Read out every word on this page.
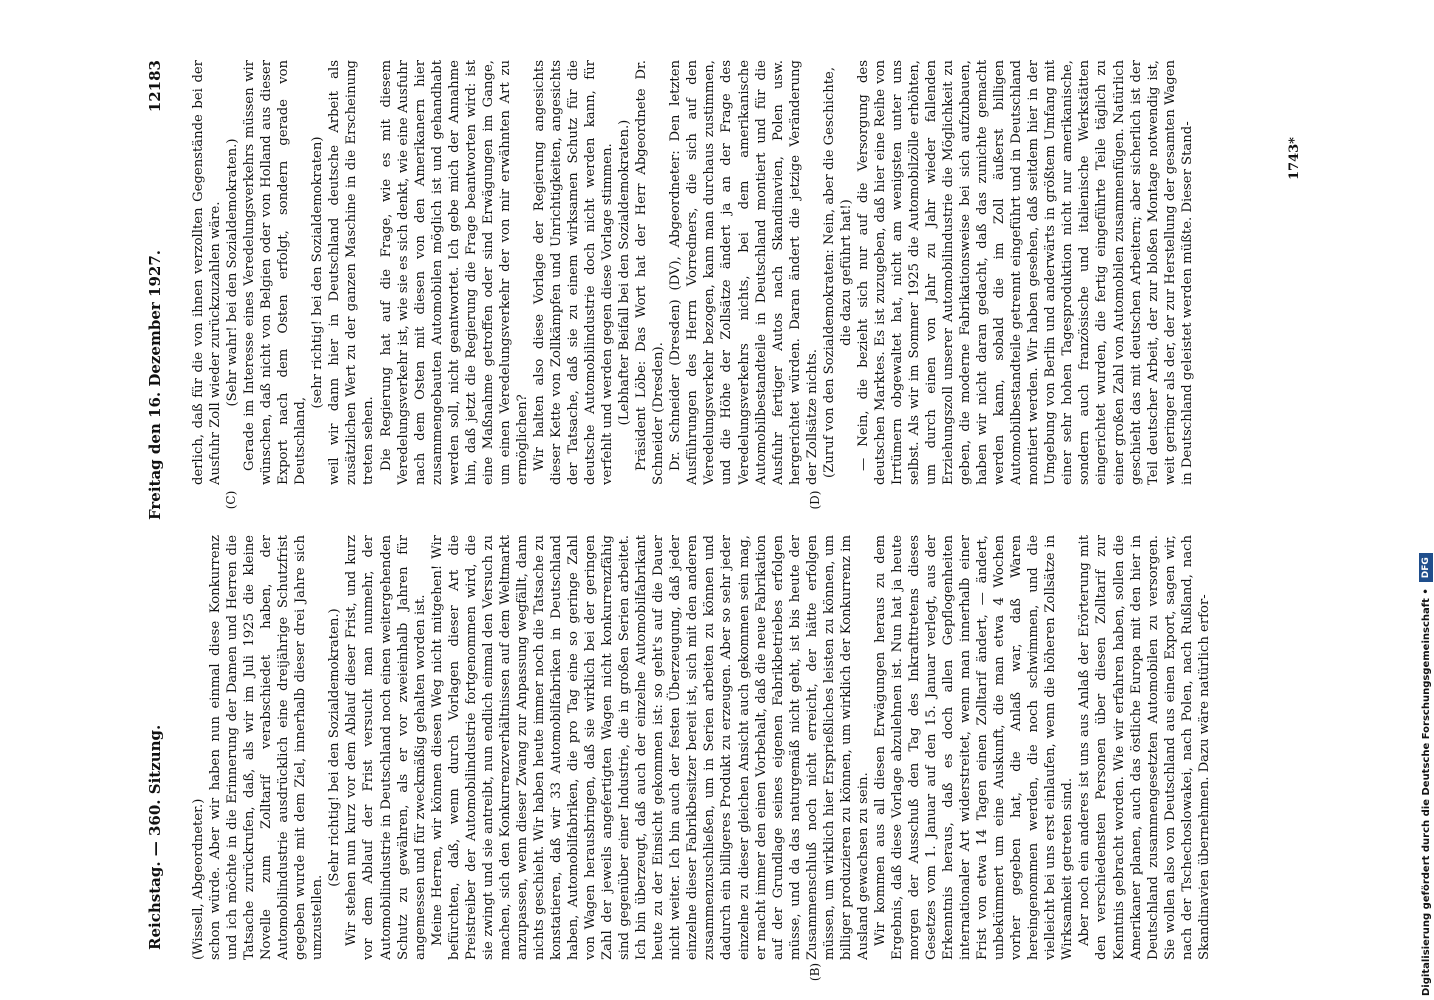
Reichstag. — 360. Sitzung.
Freitag den 16. Dezember 1927.
12183

(Wissell, Abgeordneter.) schon würde. Aber wir haben nun einmal diese Konkurrenz und ich möchte in die Erinnerung der Damen und Herren die Tatsache zurückrufen, daß, als wir im Juli 1925 die kleine Novelle zum Zolltarif verabschiedet haben, der Automobilindustrie ausdrücklich eine dreijährige Schutzfrist gegeben wurde mit dem Ziel, innerhalb dieser drei Jahre sich umzustellen.

(Sehr richtig! bei den Sozialdemokraten.) Wir stehen nun kurz vor dem Ablauf dieser Frist, und kurz vor dem Ablauf der Frist versucht man nunmehr, der Automobilindustrie in Deutschland noch einen weitergehenden Schutz zu gewähren, als er vor zweieinhalb Jahren für angemessen und für zweckmäßig gehalten worden ist. Meine Herren, wir können diesen Weg nicht mitgehen! Wir befürchten, daß, wenn durch Vorlagen dieser Art die Preistreiber der Automobilindustrie fortgenommen wird, die sie zwingt und sie antreibt, nun endlich einmal den Versuch zu machen, sich den Konkurrenzverhältnissen auf dem Weltmarkt anzupassen, wenn dieser Zwang zur Anpassung wegfällt, dann nichts geschieht. Wir haben heute immer noch die Tatsache zu konstatieren, daß wir 33 Automobilfabriken in Deutschland haben, Automobilfabriken, die pro Tag eine so geringe Zahl von Wagen herausbringen, daß sie wirklich bei der geringen Zahl der jeweils angefertigten Wagen nicht konkurrenzfähig sind gegenüber einer Industrie, die in großen Serien arbeitet. Ich bin überzeugt, daß auch der einzelne Automobilfabrikant heute zu der Einsicht gekommen ist: so geht's auf die Dauer nicht weiter. Ich bin auch der festen Überzeugung, daß jeder einzelne dieser Fabrikbesitzer bereit ist, sich mit den anderen zusammenzuschließen, um in Serien arbeiten zu können und dadurch ein billigeres Produkt zu erzeugen. Aber so sehr jeder einzelne zu dieser gleichen Ansicht auch gekommen sein mag, er macht immer den einen Vorbehalt, daß die neue Fabrikation auf der Grundlage seines eigenen Fabrikbetriebes erfolgen müsse, und da das naturgemäß nicht geht, ist bis heute der Zusammenschluß noch nicht erreicht, der hätte erfolgen müssen, um wirklich hier Ersprießliches leisten zu können, um billiger produzieren zu können, um wirklich der Konkurrenz im Ausland gewachsen zu sein. Wir kommen aus all diesen Erwägungen heraus zu dem Ergebnis, daß diese Vorlage abzulehnen ist. Nun hat ja heute morgen der Ausschuß den Tag des Inkrafttretens dieses Gesetzes vom 1. Januar auf den 15. Januar verlegt, aus der Erkenntnis heraus, daß es doch allen Gepflogenheiten internationaler Art widerstreitet, wenn man innerhalb einer Frist von etwa 14 Tagen einen Zolltarif ändert, — ändert, unbekümmert um eine Auskunft, die man etwa 4 Wochen vorher gegeben hat, die Anlaß war, daß Waren hereingenommen werden, die noch schwimmen, und die vielleicht bei uns erst einlaufen, wenn die höheren Zollsätze in Wirksamkeit getreten sind. Aber noch ein anderes ist uns aus Anlaß der Erörterung mit den verschiedensten Personen über diesen Zolltarif zur Kenntnis gebracht worden. Wie wir erfahren haben, sollen die Amerikaner planen, auch das östliche Europa mit den hier in Deutschland zusammengesetzten Automobilen zu versorgen. Sie wollen also von Deutschland aus einen Export, sagen wir, nach der Tschechoslowakei, nach Polen, nach Rußland, nach Skandinavien übernehmen. Dazu wäre natürlich erfor-

derlich, daß für die von ihnen verzollten Gegenstände bei der Ausfuhr Zoll wieder zurückzuzahlen wäre. (Sehr wahr! bei den Sozialdemokraten.) Gerade im Interesse eines Veredelungsverkehrs müssen wir wünschen, daß nicht von Belgien oder von Holland aus dieser Export nach dem Osten erfolgt, sondern gerade von Deutschland,

(sehr richtig! bei den Sozialdemokraten) weil wir dann hier in Deutschland deutsche Arbeit als zusätzlichen Wert zu der ganzen Maschine in die Erscheinung treten sehen. Die Regierung hat auf die Frage, wie es mit diesem Veredelungsverkehr ist, wie sie es sich denkt, wie eine Ausfuhr nach dem Osten mit diesen von den Amerikanern hier zusammengebauten Automobilen möglich ist und gehandhabt werden soll, nicht geantwortet. Ich gebe mich der Annahme hin, daß jetzt die Regierung die Frage beantworten wird: ist eine Maßnahme getroffen oder sind Erwägungen im Gange, um einen Veredelungsverkehr der von mir erwähnten Art zu ermöglichen? Wir halten also diese Vorlage der Regierung angesichts dieser Kette von Zollkämpfen und Unrichtigkeiten, angesichts der Tatsache, daß sie zu einem wirksamen Schutz für die deutsche Automobilindustrie doch nicht werden kann, für verfehlt und werden gegen diese Vorlage stimmen. (Lebhafter Beifall bei den Sozialdemokraten.) Präsident Löbe: Das Wort hat der Herr Abgeordnete Dr. Schneider (Dresden). Dr. Schneider (Dresden) (DV), Abgeordneter: Den letzten Ausführungen des Herrn Vorredners, die sich auf den Veredelungsverkehr bezogen, kann man durchaus zustimmen, und die Höhe der Zollsätze ändert ja an der Frage des Veredelungsverkehrs nichts, bei dem amerikanische Automobilbestandteile in Deutschland montiert und für die Ausfuhr fertiger Autos nach Skandinavien, Polen usw. hergerichtet würden. Daran ändert die jetzige Veränderung der Zollsätze nichts. (Zuruf von den Sozialdemokraten: Nein, aber die Geschichte, die dazu geführt hat!) — Nein, die bezieht sich nur auf die Versorgung des deutschen Marktes. Es ist zuzugeben, daß hier eine Reihe von Irrtümern obgewaltet hat, nicht am wenigsten unter uns selbst. Als wir im Sommer 1925 die Automobilzölle erhöhten, um durch einen von Jahr zu Jahr wieder fallenden Erziehungszoll unserer Automobilindustrie die Möglichkeit zu geben, die moderne Fabrikationsweise bei sich aufzubauen, haben wir nicht daran gedacht, daß das zunichte gemacht werden kann, sobald die im Zoll äußerst billigen Automobilbestandteile getrennt eingeführt und in Deutschland montiert werden. Wir haben gesehen, daß seitdem hier in der Umgebung von Berlin und anderwärts in größtem Umfang mit einer sehr hohen Tagesproduktion nicht nur amerikanische, sondern auch französische und italienische Werkstätten eingerichtet wurden, die fertig eingeführte Teile täglich zu einer großen Zahl von Automobilen zusammenfügen. Natürlich geschieht das mit deutschen Arbeitern; aber sicherlich ist der Teil deutscher Arbeit, der zur bloßen Montage notwendig ist, weit geringer als der, der zur Herstellung der gesamten Wagen in Deutschland geleistet werden müßte. Dieser Stand-

(C)
(B)
(D)
1743*
Digitalisierung gefördert durch die Deutsche Forschungsgemeinschaft •
DFG
